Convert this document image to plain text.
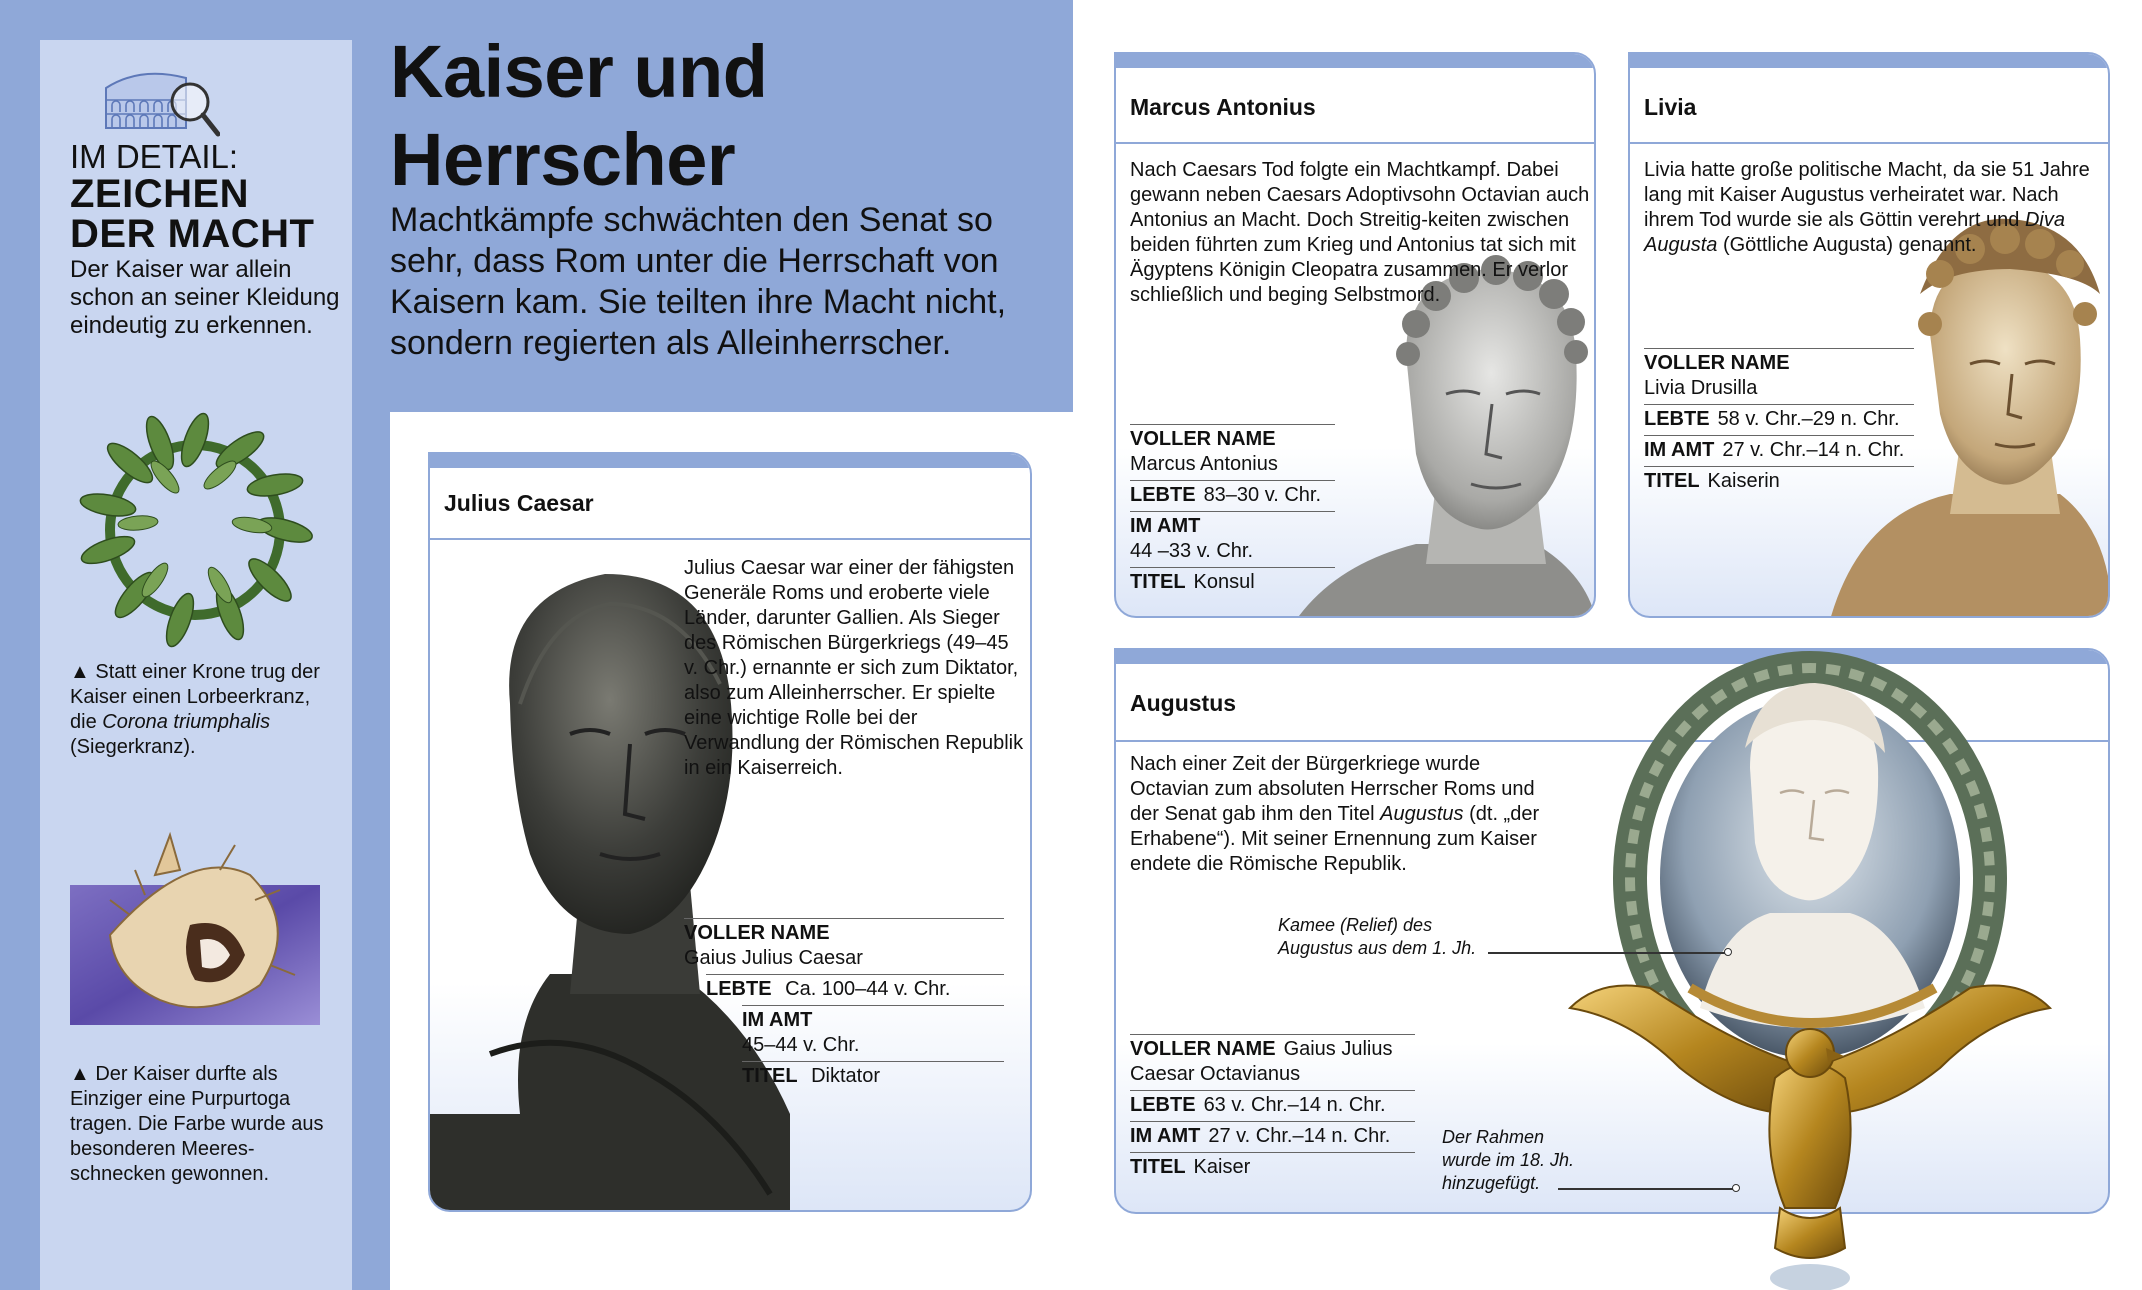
IM DETAIL:
ZEICHEN
DER MACHT
Der Kaiser war allein schon an seiner Kleidung eindeutig zu erkennen.
▲ Statt einer Krone trug der Kaiser einen Lorbeerkranz, die Corona triumphalis (Siegerkranz).
▲ Der Kaiser durfte als Einziger eine Purpurtoga tragen. Die Farbe wurde aus besonderen Meeres-schnecken gewonnen.
Kaiser und Herrscher
Machtkämpfe schwächten den Senat so sehr, dass Rom unter die Herrschaft von Kaisern kam. Sie teilten ihre Macht nicht, sondern regierten als Alleinherrscher.
Julius Caesar
Julius Caesar war einer der fähigsten Generäle Roms und eroberte viele Länder, darunter Gallien. Als Sieger des Römischen Bürgerkriegs (49–45 v. Chr.) ernannte er sich zum Diktator, also zum Alleinherrscher. Er spielte eine wichtige Rolle bei der Verwandlung der Römischen Republik in ein Kaiserreich.
VOLLER NAME
Gaius Julius Caesar
LEBTE Ca. 100–44 v. Chr.
IM AMT
45–44 v. Chr.
TITEL Diktator
Marcus Antonius
Nach Caesars Tod folgte ein Machtkampf. Dabei gewann neben Caesars Adoptivsohn Octavian auch Antonius an Macht. Doch Streitig-keiten zwischen beiden führten zum Krieg und Antonius tat sich mit Ägyptens Königin Cleopatra zusammen. Er verlor schließlich und beging Selbstmord.
VOLLER NAME
Marcus Antonius
LEBTE 83–30 v. Chr.
IM AMT
44 –33 v. Chr.
TITEL Konsul
Livia
Livia hatte große politische Macht, da sie 51 Jahre lang mit Kaiser Augustus verheiratet war. Nach ihrem Tod wurde sie als Göttin verehrt und Diva Augusta (Göttliche Augusta) genannt.
VOLLER NAME
Livia Drusilla
LEBTE 58 v. Chr.–29 n. Chr.
IM AMT 27 v. Chr.–14 n. Chr.
TITEL Kaiserin
Augustus
Nach einer Zeit der Bürgerkriege wurde Octavian zum absoluten Herrscher Roms und der Senat gab ihm den Titel Augustus (dt. „der Erhabene“). Mit seiner Ernennung zum Kaiser endete die Römische Republik.
VOLLER NAME Gaius Julius Caesar Octavianus
LEBTE 63 v. Chr.–14 n. Chr.
IM AMT 27 v. Chr.–14 n. Chr.
TITEL Kaiser
Kamee (Relief) des Augustus aus dem 1. Jh.
Der Rahmen wurde im 18. Jh. hinzugefügt.
